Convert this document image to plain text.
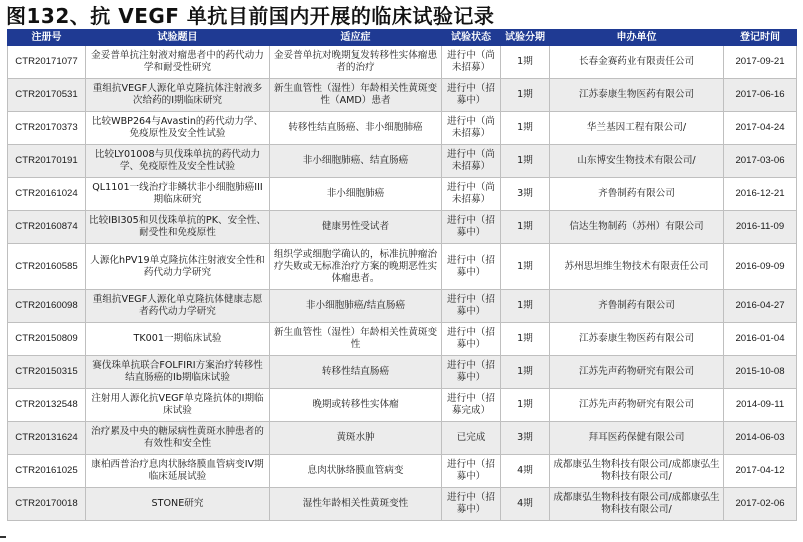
图132、抗 VEGF 单抗目前国内开展的临床试验记录
注册号	试验题目	适应症	试验状态	试验分期	申办单位	登记时间
CTR20171077	金妥普单抗注射液对瘤患者中的药代动力学和耐受性研究	金妥普单抗对晚期复发转移性实体瘤患者的治疗	进行中（尚未招募）	1期	长春金赛药业有限责任公司	2017-09-21
CTR20170531	重组抗VEGF人源化单克隆抗体注射液多次给药的I期临床研究	新生血管性（湿性）年龄相关性黄斑变性（AMD）患者	进行中（招募中）	1期	江苏泰康生物医药有限公司	2017-06-16
CTR20170373	比较WBP264与Avastin的药代动力学、免疫原性及安全性试验	转移性结直肠癌、非小细胞肺癌	进行中（尚未招募）	1期	华兰基因工程有限公司/	2017-04-24
CTR20170191	比较LY01008与贝伐珠单抗的药代动力学、免疫原性及安全性试验	非小细胞肺癌、结直肠癌	进行中（尚未招募）	1期	山东博安生物技术有限公司/	2017-03-06
CTR20161024	QL1101一线治疗非鳞状非小细胞肺癌III期临床研究	非小细胞肺癌	进行中（尚未招募）	3期	齐鲁制药有限公司	2016-12-21
CTR20160874	比较IBI305和贝伐珠单抗的PK、安全性、耐受性和免疫原性	健康男性受试者	进行中（招募中）	1期	信达生物制药（苏州）有限公司	2016-11-09
CTR20160585	人源化hPV19单克隆抗体注射液安全性和药代动力学研究	组织学或细胞学确认的，标准抗肿瘤治疗失败或无标准治疗方案的晚期恶性实体瘤患者。	进行中（招募中）	1期	苏州思坦维生物技术有限责任公司	2016-09-09
CTR20160098	重组抗VEGF人源化单克隆抗体健康志愿者药代动力学研究	非小细胞肺癌/结直肠癌	进行中（招募中）	1期	齐鲁制药有限公司	2016-04-27
CTR20150809	TK001一期临床试验	新生血管性（湿性）年龄相关性黄斑变性	进行中（招募中）	1期	江苏泰康生物医药有限公司	2016-01-04
CTR20150315	赛伐珠单抗联合FOLFIRI方案治疗转移性结直肠癌的Ib期临床试验	转移性结直肠癌	进行中（招募中）	1期	江苏先声药物研究有限公司	2015-10-08
CTR20132548	注射用人源化抗VEGF单克隆抗体的I期临床试验	晚期或转移性实体瘤	进行中（招募完成）	1期	江苏先声药物研究有限公司	2014-09-11
CTR20131624	治疗累及中央的糖尿病性黄斑水肿患者的有效性和安全性	黄斑水肿	已完成	3期	拜耳医药保健有限公司	2014-06-03
CTR20161025	康柏西普治疗息肉状脉络膜血管病变IV期临床延展试验	息肉状脉络膜血管病变	进行中（招募中）	4期	成都康弘生物科技有限公司/成都康弘生物科技有限公司/	2017-04-12
CTR20170018	STONE研究	湿性年龄相关性黄斑变性	进行中（招募中）	4期	成都康弘生物科技有限公司/成都康弘生物科技有限公司/	2017-02-06
